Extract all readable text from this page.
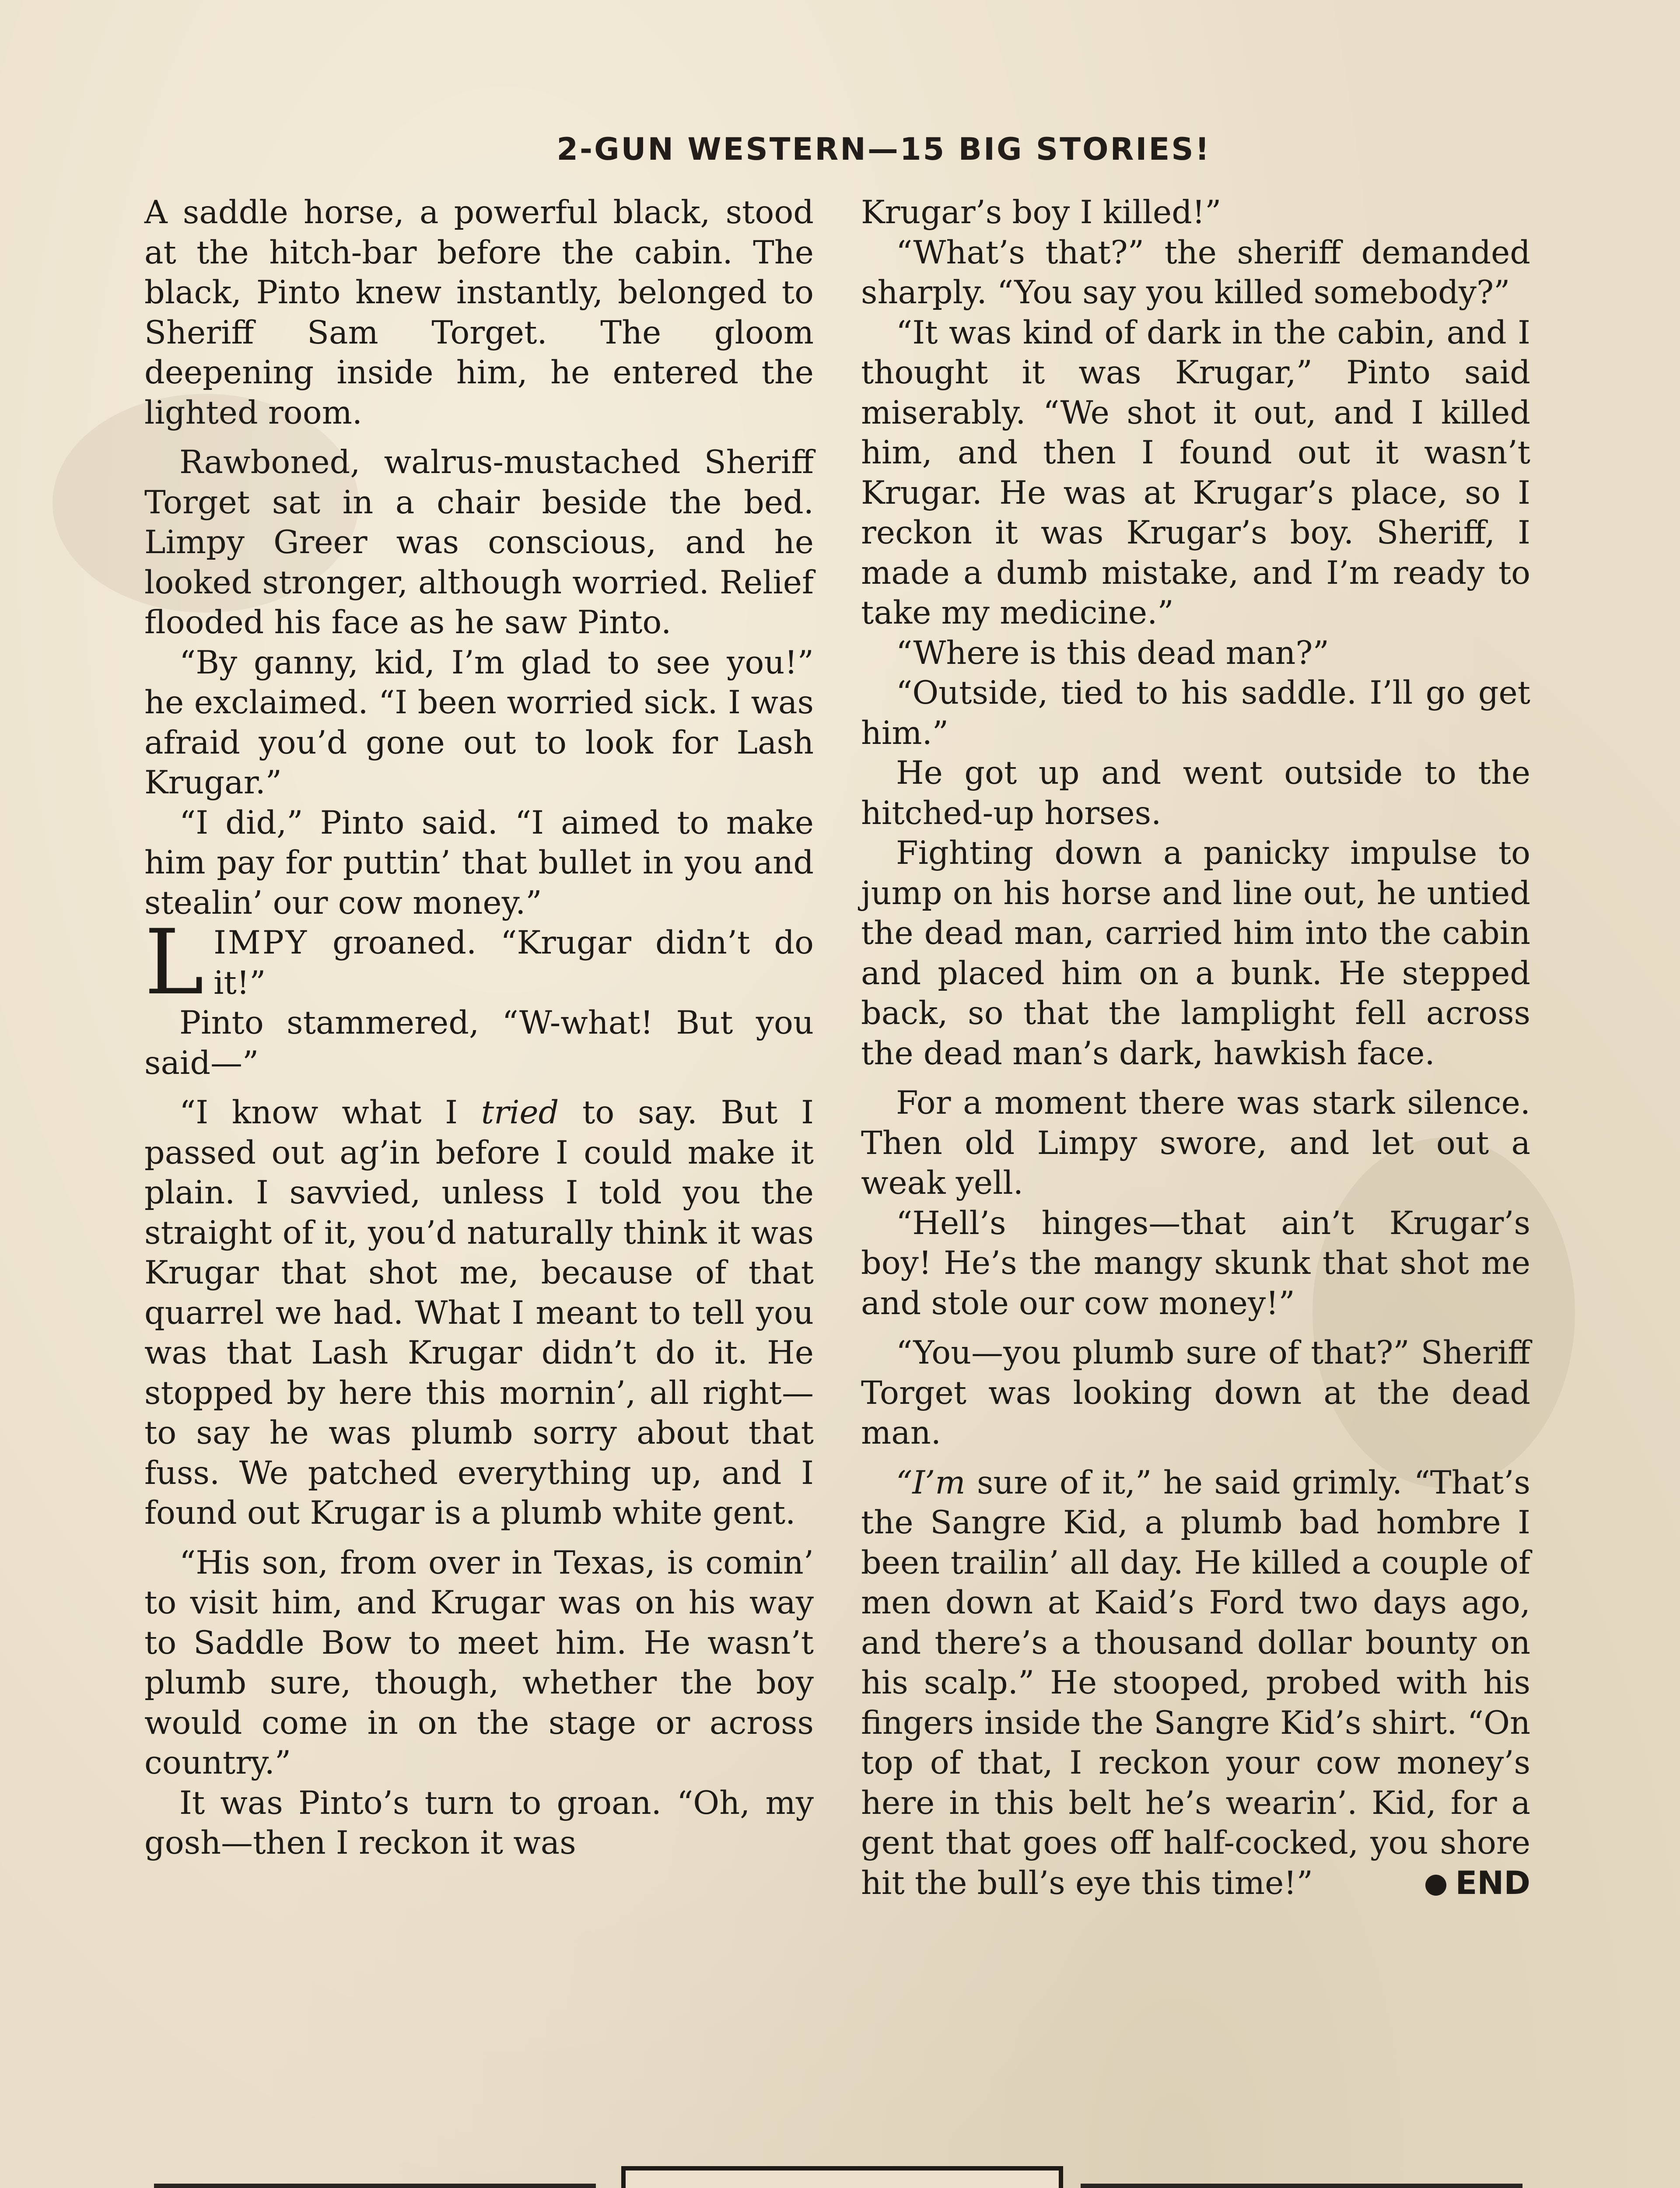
2-GUN WESTERN—15 BIG STORIES!

A saddle horse, a powerful black, stood at the hitch-bar before the cabin. The black, Pinto knew instantly, belonged to Sheriff Sam Torget. The gloom deepening inside him, he entered the lighted room.

Rawboned, walrus-mustached Sheriff Torget sat in a chair beside the bed. Limpy Greer was conscious, and he looked stronger, although worried. Relief flooded his face as he saw Pinto.

“By ganny, kid, I’m glad to see you!” he exclaimed. “I been worried sick. I was afraid you’d gone out to look for Lash Krugar.”

“I did,” Pinto said. “I aimed to make him pay for puttin’ that bullet in you and stealin’ our cow money.”

LIMPY groaned. “Krugar didn’t do it!”

Pinto stammered, “W-what! But you said—”

“I know what I tried to say. But I passed out ag’in before I could make it plain. I savvied, unless I told you the straight of it, you’d naturally think it was Krugar that shot me, because of that quarrel we had. What I meant to tell you was that Lash Krugar didn’t do it. He stopped by here this mornin’, all right—to say he was plumb sorry about that fuss. We patched everything up, and I found out Krugar is a plumb white gent.

“His son, from over in Texas, is comin’ to visit him, and Krugar was on his way to Saddle Bow to meet him. He wasn’t plumb sure, though, whether the boy would come in on the stage or across country.”

It was Pinto’s turn to groan. “Oh, my gosh—then I reckon it was

Krugar’s boy I killed!”

“What’s that?” the sheriff demanded sharply. “You say you killed somebody?”

“It was kind of dark in the cabin, and I thought it was Krugar,” Pinto said miserably. “We shot it out, and I killed him, and then I found out it wasn’t Krugar. He was at Krugar’s place, so I reckon it was Krugar’s boy. Sheriff, I made a dumb mistake, and I’m ready to take my medicine.”

“Where is this dead man?”

“Outside, tied to his saddle. I’ll go get him.”

He got up and went outside to the hitched-up horses.

Fighting down a panicky impulse to jump on his horse and line out, he untied the dead man, carried him into the cabin and placed him on a bunk. He stepped back, so that the lamplight fell across the dead man’s dark, hawkish face.

For a moment there was stark silence. Then old Limpy swore, and let out a weak yell.

“Hell’s hinges—that ain’t Krugar’s boy! He’s the mangy skunk that shot me and stole our cow money!”

“You—you plumb sure of that?” Sheriff Torget was looking down at the dead man.

“I’m sure of it,” he said grimly. “That’s the Sangre Kid, a plumb bad hombre I been trailin’ all day. He killed a couple of men down at Kaid’s Ford two days ago, and there’s a thousand dollar bounty on his scalp.” He stooped, probed with his fingers inside the Sangre Kid’s shirt. “On top of that, I reckon your cow money’s here in this belt he’s wearin’. Kid, for a gent that goes off half-cocked, you shore hit the bull’s eye this time!”	END
